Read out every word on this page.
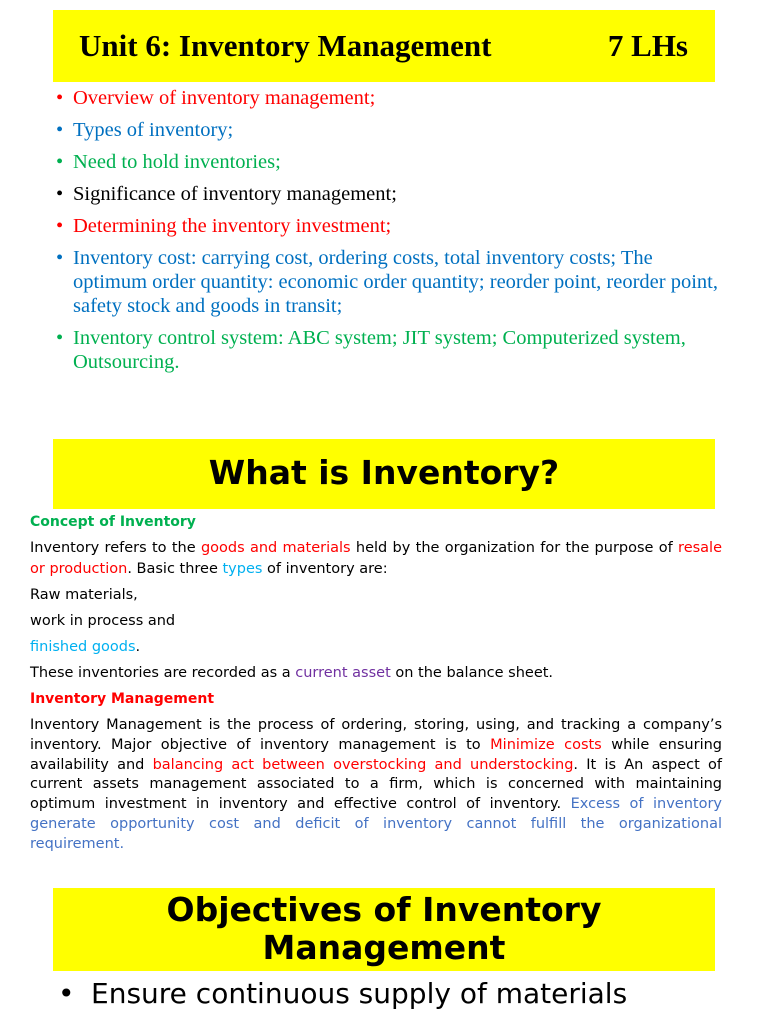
Unit 6: Inventory Management	7 LHs
• Overview of inventory management;
• Types of inventory;
• Need to hold inventories;
• Significance of inventory management;
• Determining the inventory investment;
• Inventory cost: carrying cost, ordering costs, total inventory costs; The optimum order quantity: economic order quantity; reorder point, reorder point, safety stock and goods in transit;
• Inventory control system: ABC system; JIT system; Computerized system, Outsourcing.
What is Inventory?

Concept of Inventory

Inventory refers to the goods and materials held by the organization for the purpose of resale or production. Basic three types of inventory are:

Raw materials,

work in process and

finished goods.

These inventories are recorded as a current asset on the balance sheet.

Inventory Management

Inventory Management is the process of ordering, storing, using, and tracking a company’s inventory. Major objective of inventory management is to Minimize costs while ensuring availability and balancing act between overstocking and understocking. It is An aspect of current assets management associated to a firm, which is concerned with maintaining optimum investment in inventory and effective control of inventory. Excess of inventory generate opportunity cost and deficit of inventory cannot fulfill the organizational requirement.

Objectives of Inventory
Management
• Ensure continuous supply of materials
